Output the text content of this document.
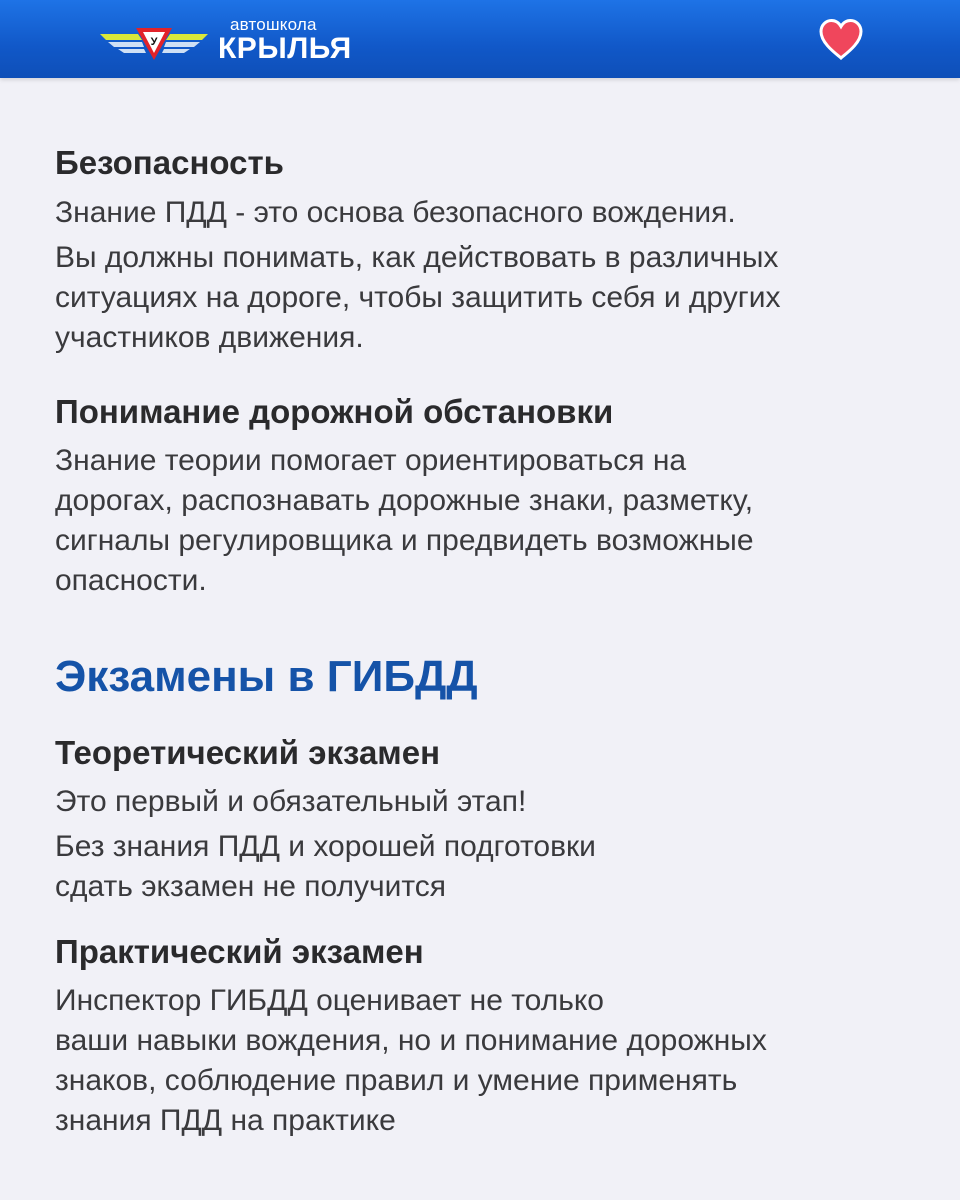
У
автошкола
КРЫЛЬЯ
Безопасность

Знание ПДД - это основа безопасного вождения.

Вы должны понимать, как действовать в различных
ситуациях на дороге, чтобы защитить себя и других
участников движения.

Понимание дорожной обстановки

Знание теории помогает ориентироваться на
дорогах, распознавать дорожные знаки, разметку,
сигналы регулировщика и предвидеть возможные
опасности.

Экзамены в ГИБДД
Теоретический экзамен

Это первый и обязательный этап!

Без знания ПДД и хорошей подготовки
сдать экзамен не получится

Практический экзамен

Инспектор ГИБДД оценивает не только
ваши навыки вождения, но и понимание дорожных
знаков, соблюдение правил и умение применять
знания ПДД на практике
